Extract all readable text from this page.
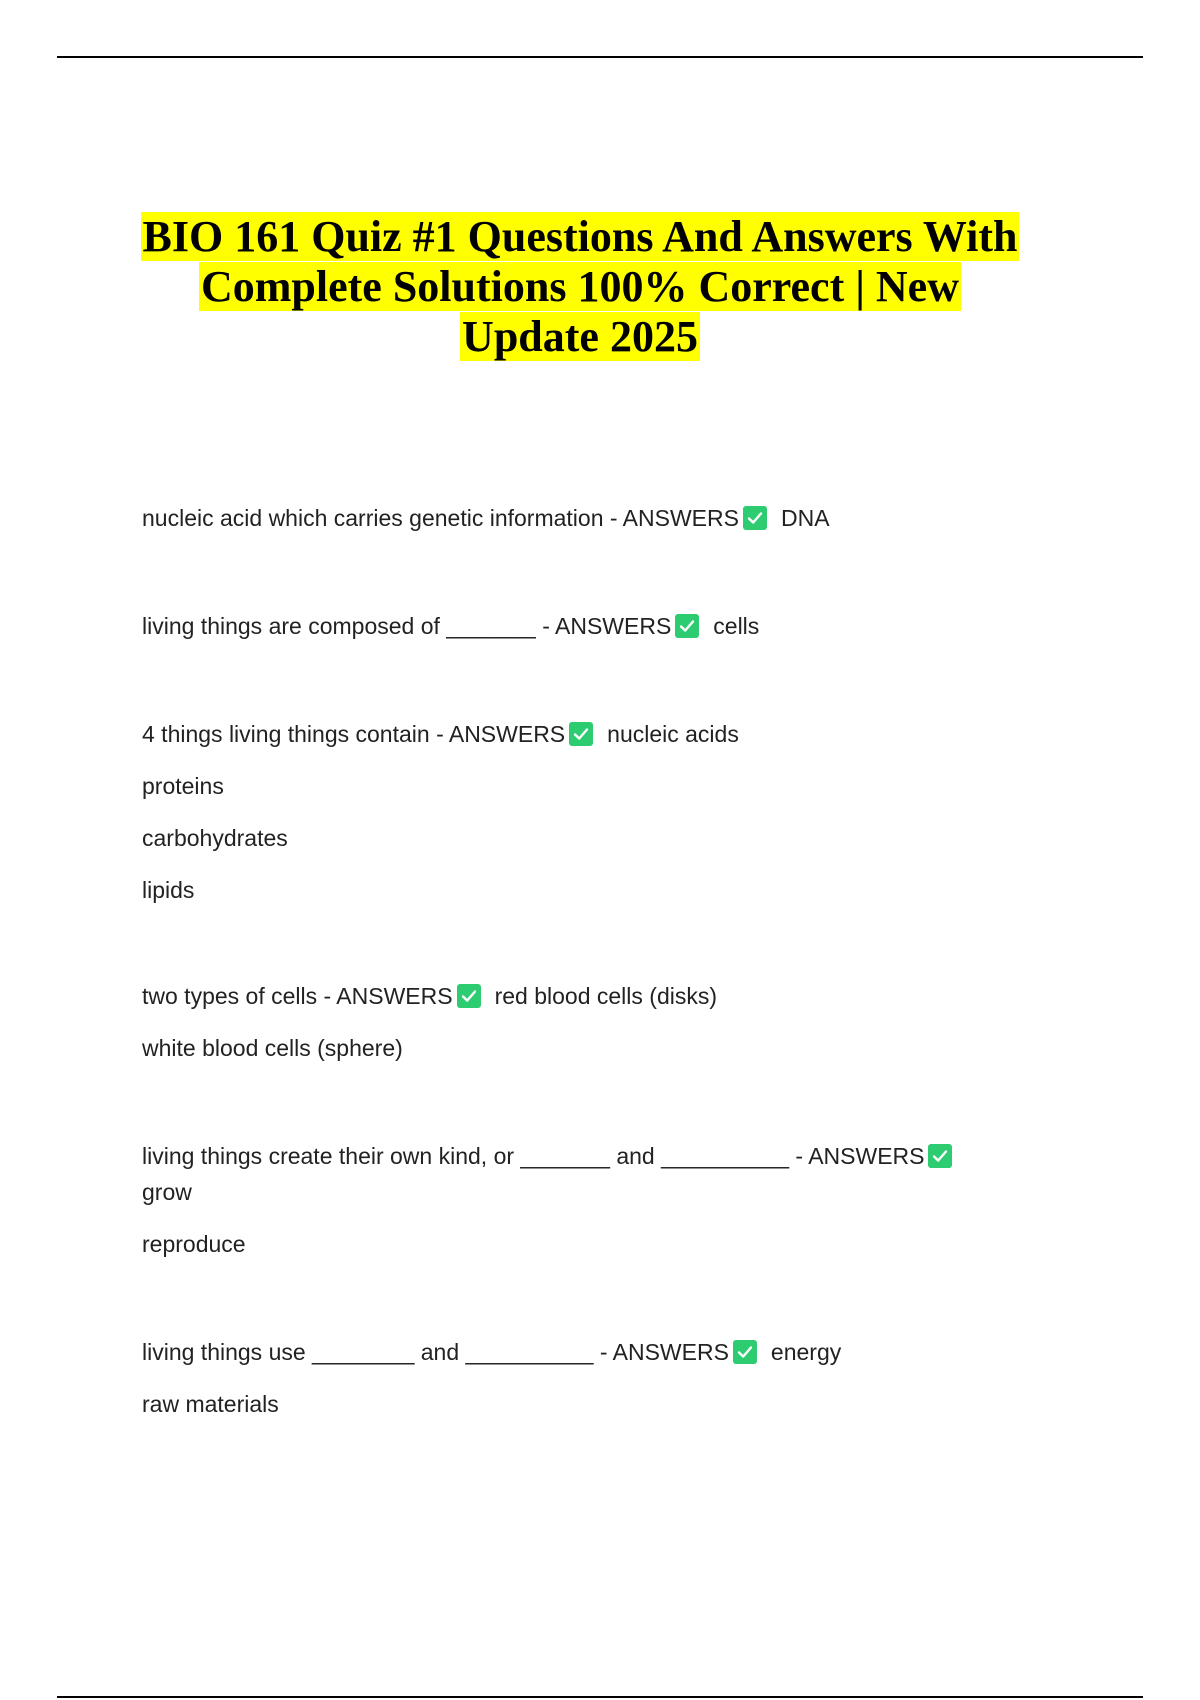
BIO 161 Quiz #1 Questions And Answers With
Complete Solutions 100% Correct | New
Update 2025
nucleic acid which carries genetic information - ANSWERS DNA
living things are composed of _______ - ANSWERS cells
4 things living things contain - ANSWERS nucleic acids
proteins
carbohydrates
lipids
two types of cells - ANSWERS red blood cells (disks)
white blood cells (sphere)
living things create their own kind, or _______ and __________ - ANSWERS
grow
reproduce
living things use ________ and __________ - ANSWERS energy
raw materials
